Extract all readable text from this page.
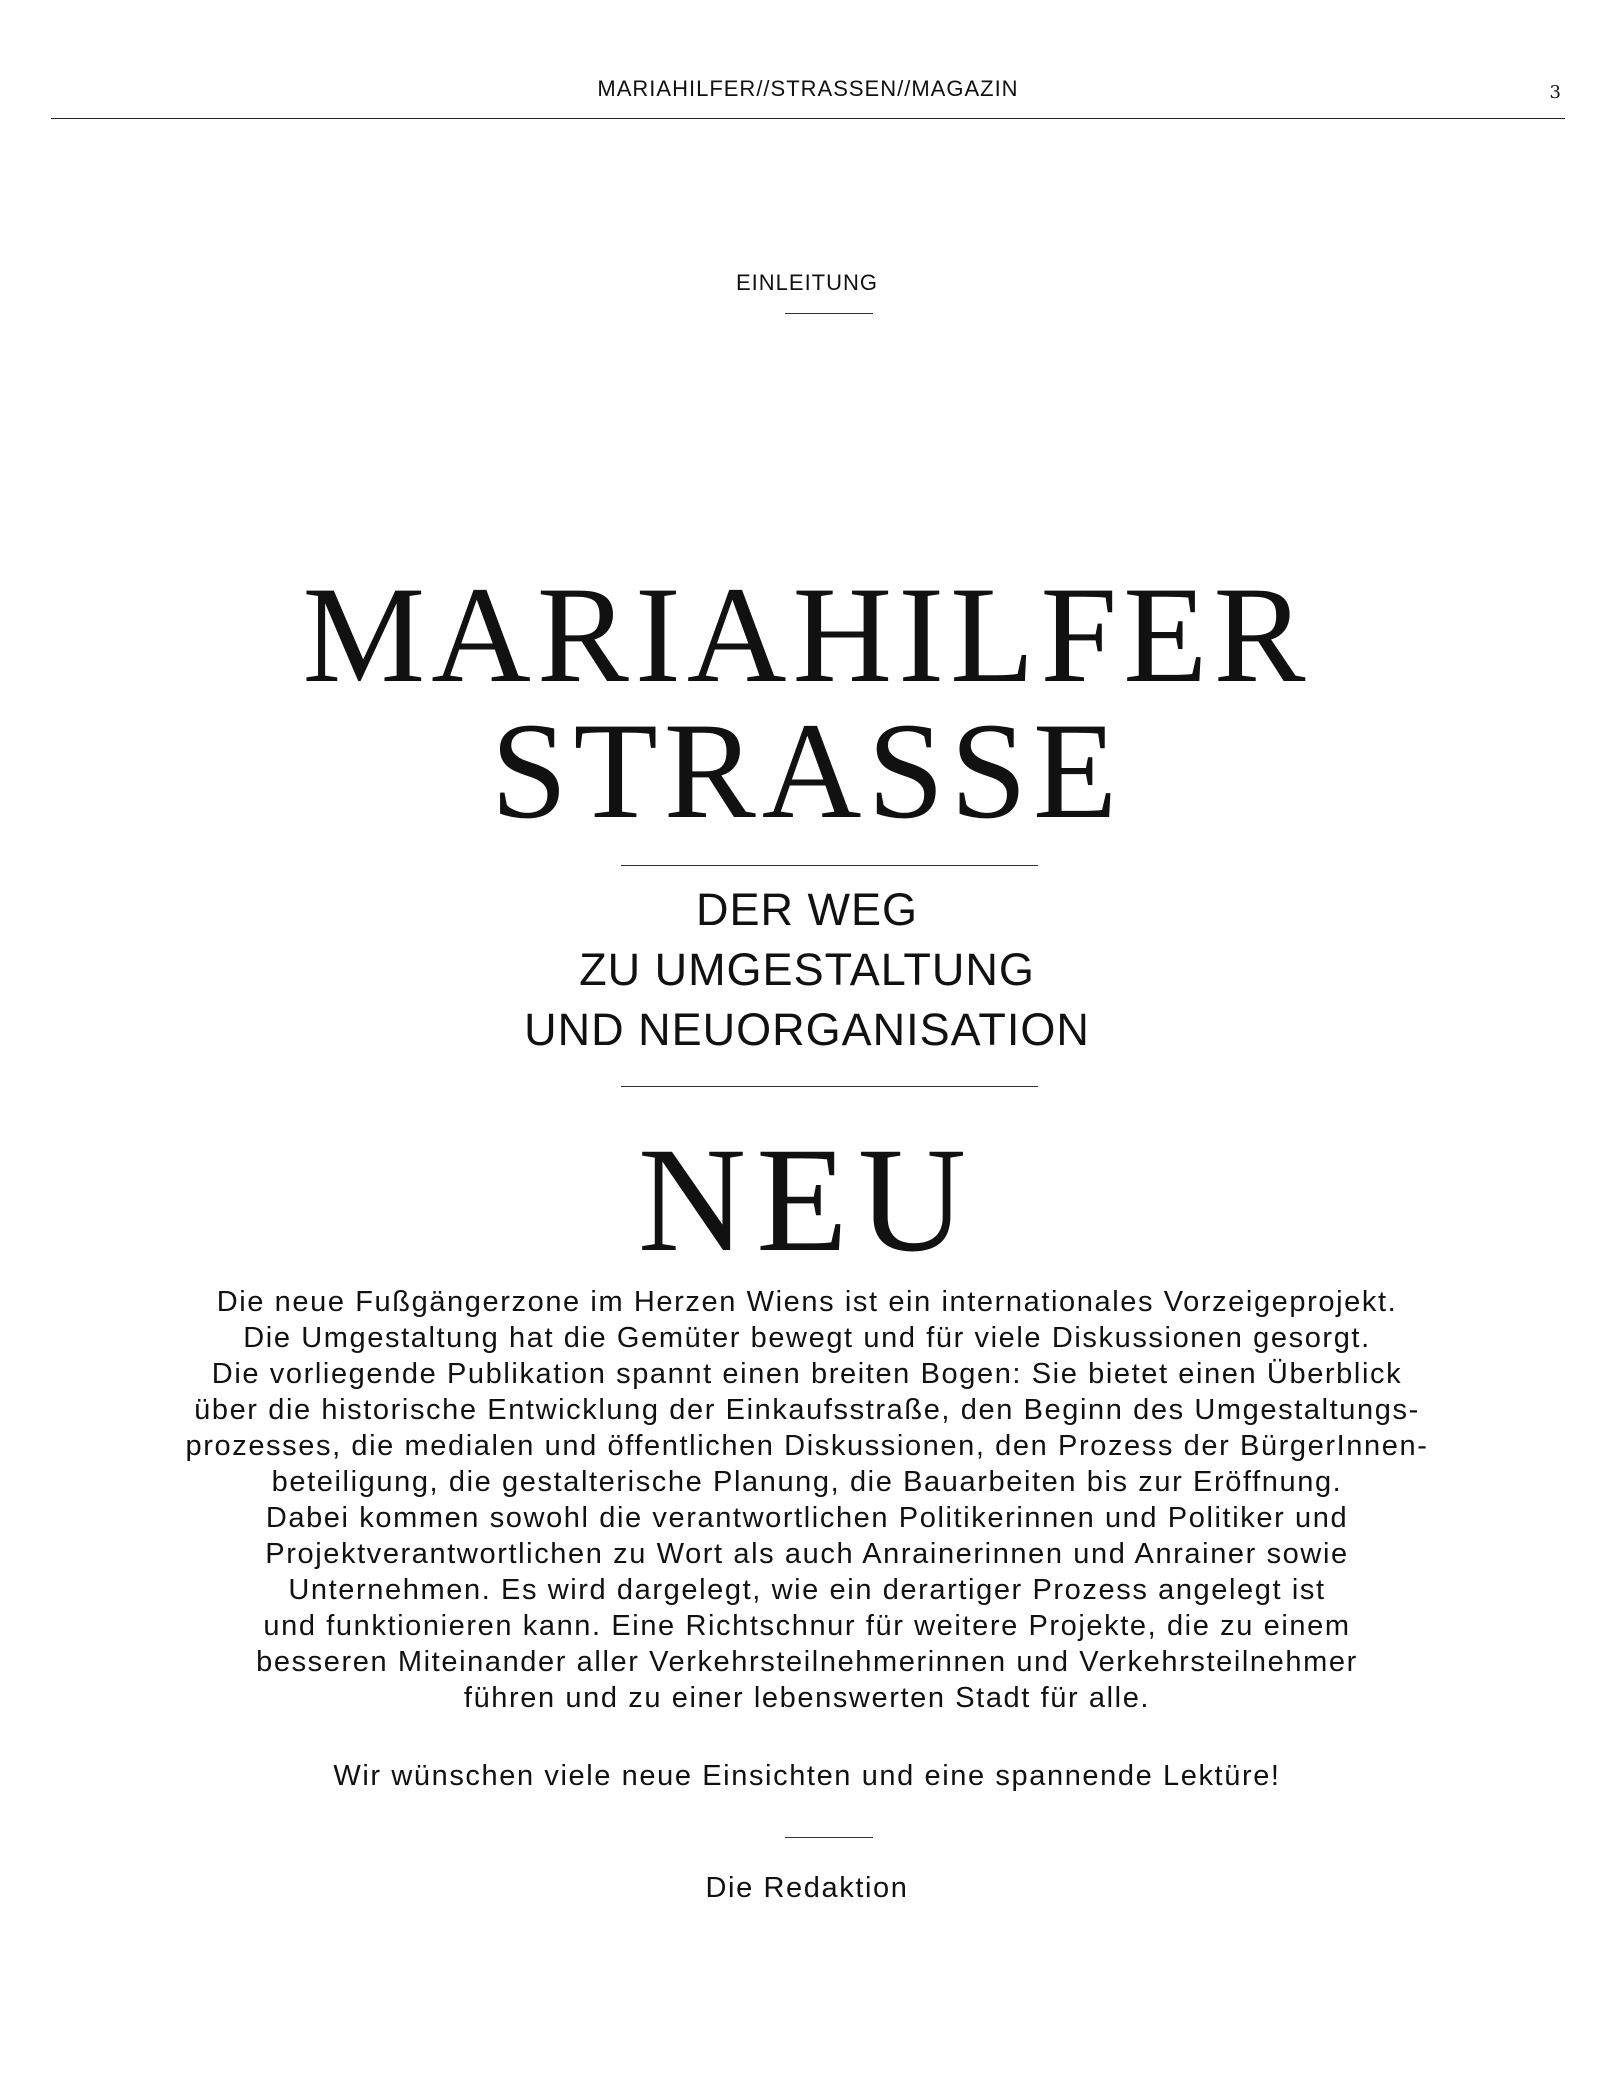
MARIAHILFER//STRASSEN//MAGAZIN	3
EINLEITUNG
MARIAHILFER
STRASSE
DER WEG
ZU UMGESTALTUNG
UND NEUORGANISATION
NEU
Die neue Fußgängerzone im Herzen Wiens ist ein internationales Vorzeigeprojekt.
Die Umgestaltung hat die Gemüter bewegt und für viele Diskussionen gesorgt.
Die vorliegende Publikation spannt einen breiten Bogen: Sie bietet einen Überblick
über die historische Entwicklung der Einkaufsstraße, den Beginn des Umgestaltungs-
prozesses, die medialen und öffentlichen Diskussionen, den Prozess der BürgerInnen-
beteiligung, die gestalterische Planung, die Bauarbeiten bis zur Eröffnung.
Dabei kommen sowohl die verantwortlichen Politikerinnen und Politiker und
Projektverantwortlichen zu Wort als auch Anrainerinnen und Anrainer sowie
Unternehmen. Es wird dargelegt, wie ein derartiger Prozess angelegt ist
und funktionieren kann. Eine Richtschnur für weitere Projekte, die zu einem
besseren Miteinander aller Verkehrsteilnehmerinnen und Verkehrsteilnehmer
führen und zu einer lebenswerten Stadt für alle.
Wir wünschen viele neue Einsichten und eine spannende Lektüre!
Die Redaktion
